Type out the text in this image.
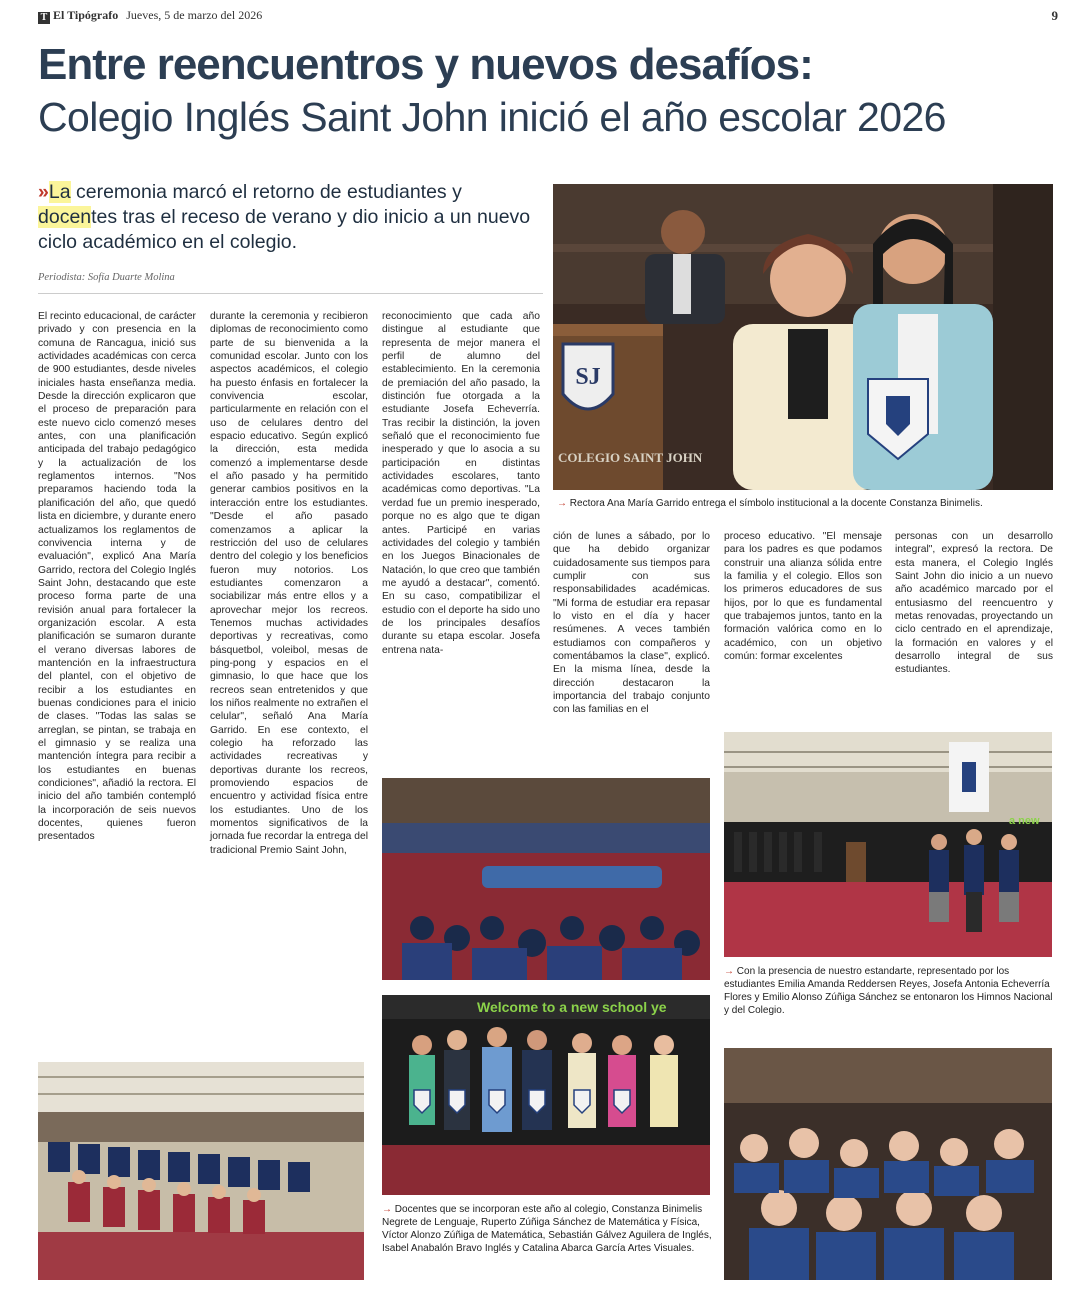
T El Tipógrafo Jueves, 5 de marzo del 2026	9
Entre reencuentros y nuevos desafíos:
Colegio Inglés Saint John inició el año escolar 2026
»La ceremonia marcó el retorno de estudiantes y docentes tras el receso de verano y dio inicio a un nuevo ciclo académico en el colegio.
Periodista: Sofía Duarte Molina

El recinto educacional, de carácter privado y con presencia en la comuna de Rancagua, inició sus actividades académicas con cerca de 900 estudiantes, desde niveles iniciales hasta enseñanza media. Desde la dirección explicaron que el proceso de preparación para este nuevo ciclo comenzó meses antes, con una planificación anticipada del trabajo pedagógico y la actualización de los reglamentos internos. "Nos preparamos haciendo toda la planificación del año, que quedó lista en diciembre, y durante enero actualizamos los reglamentos de convivencia interna y de evaluación", explicó Ana María Garrido, rectora del Colegio Inglés Saint John, destacando que este proceso forma parte de una revisión anual para fortalecer la organización escolar. A esta planificación se sumaron durante el verano diversas labores de mantención en la infraestructura del plantel, con el objetivo de recibir a los estudiantes en buenas condiciones para el inicio de clases. "Todas las salas se arreglan, se pintan, se trabaja en el gimnasio y se realiza una mantención íntegra para recibir a los estudiantes en buenas condiciones", añadió la rectora. El inicio del año también contempló la incorporación de seis nuevos docentes, quienes fueron presentados

durante la ceremonia y recibieron diplomas de reconocimiento como parte de su bienvenida a la comunidad escolar. Junto con los aspectos académicos, el colegio ha puesto énfasis en fortalecer la convivencia escolar, particularmente en relación con el uso de celulares dentro del espacio educativo. Según explicó la dirección, esta medida comenzó a implementarse desde el año pasado y ha permitido generar cambios positivos en la interacción entre los estudiantes. "Desde el año pasado comenzamos a aplicar la restricción del uso de celulares dentro del colegio y los beneficios fueron muy notorios. Los estudiantes comenzaron a sociabilizar más entre ellos y a aprovechar mejor los recreos. Tenemos muchas actividades deportivas y recreativas, como básquetbol, voleibol, mesas de ping-pong y espacios en el gimnasio, lo que hace que los recreos sean entretenidos y que los niños realmente no extrañen el celular", señaló Ana María Garrido. En ese contexto, el colegio ha reforzado las actividades recreativas y deportivas durante los recreos, promoviendo espacios de encuentro y actividad física entre los estudiantes. Uno de los momentos significativos de la jornada fue recordar la entrega del tradicional Premio Saint John,

reconocimiento que cada año distingue al estudiante que representa de mejor manera el perfil de alumno del establecimiento. En la ceremonia de premiación del año pasado, la distinción fue otorgada a la estudiante Josefa Echeverría. Tras recibir la distinción, la joven señaló que el reconocimiento fue inesperado y que lo asocia a su participación en distintas actividades escolares, tanto académicas como deportivas. "La verdad fue un premio inesperado, porque no es algo que te digan antes. Participé en varias actividades del colegio y también en los Juegos Binacionales de Natación, lo que creo que también me ayudó a destacar", comentó. En su caso, compatibilizar el estudio con el deporte ha sido uno de los principales desafíos durante su etapa escolar. Josefa entrena nata-

ción de lunes a sábado, por lo que ha debido organizar cuidadosamente sus tiempos para cumplir con sus responsabilidades académicas. "Mi forma de estudiar era repasar lo visto en el día y hacer resúmenes. A veces también estudiamos con compañeros y comentábamos la clase", explicó. En la misma línea, desde la dirección destacaron la importancia del trabajo conjunto con las familias en el

proceso educativo. "El mensaje para los padres es que podamos construir una alianza sólida entre la familia y el colegio. Ellos son los primeros educadores de sus hijos, por lo que es fundamental que trabajemos juntos, tanto en la formación valórica como en lo académico, con un objetivo común: formar excelentes

personas con un desarrollo integral", expresó la rectora. De esta manera, el Colegio Inglés Saint John dio inicio a un nuevo año académico marcado por el entusiasmo del reencuentro y metas renovadas, proyectando un ciclo centrado en el aprendizaje, la formación en valores y el desarrollo integral de sus estudiantes.

SJ
COLEGIO SAINT JOHN
→ Rectora Ana María Garrido entrega el símbolo institucional a la docente Constanza Binimelis.
Welcome to a new school ye
→ Docentes que se incorporan este año al colegio, Constanza Binimelis Negrete de Lenguaje, Ruperto Zúñiga Sánchez de Matemática y Física, Víctor Alonzo Zúñiga de Matemática, Sebastián Gálvez Aguilera de Inglés, Isabel Anabalón Bravo Inglés y Catalina Abarca García Artes Visuales.
a new
→ Con la presencia de nuestro estandarte, representado por los estudiantes Emilia Amanda Reddersen Reyes, Josefa Antonia Echeverría Flores y Emilio Alonso Zúñiga Sánchez se entonaron los Himnos Nacional y del Colegio.
